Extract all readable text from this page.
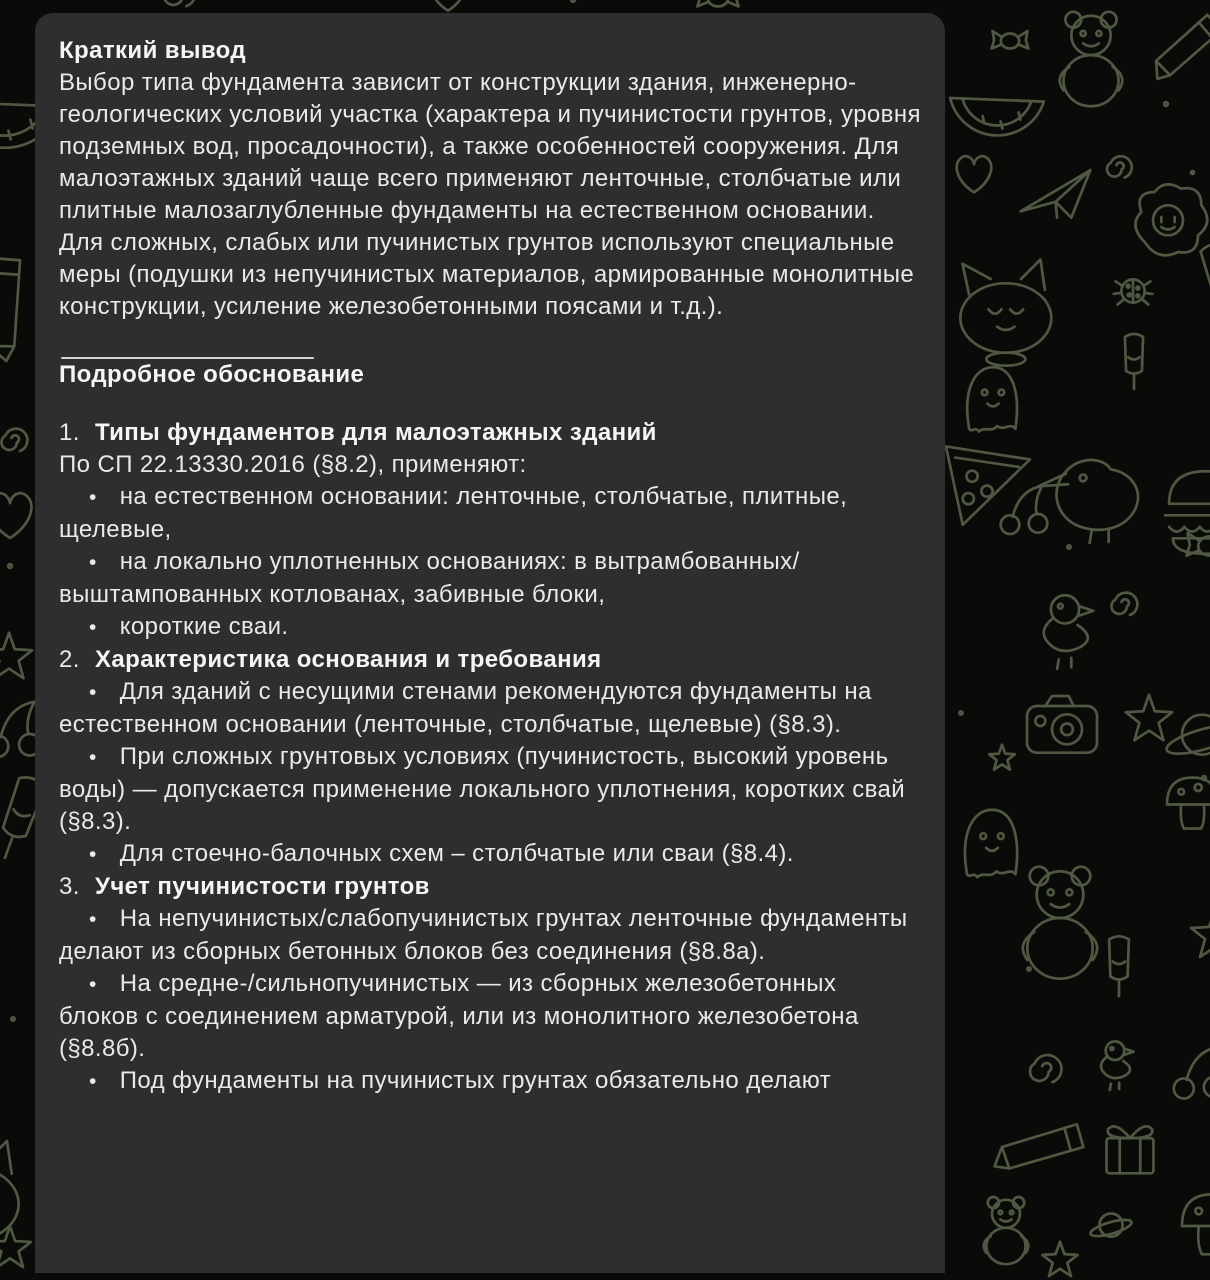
Краткий вывод

Выбор типа фундамента зависит от конструкции здания, инженерно-геологических условий участка (характера и пучинистости грунтов, уровня подземных вод, просадочности), а также особенностей сооружения. Для малоэтажных зданий чаще всего применяют ленточные, столбчатые или плитные малозаглубленные фундаменты на естественном основании. Для сложных, слабых или пучинистых грунтов используют специальные меры (подушки из непучинистых материалов, армированные монолитные конструкции, усиление железобетонными поясами и т.д.).

Подробное обоснование

1. Типы фундаментов для малоэтажных зданий

По СП 22.13330.2016 (§8.2), применяют:

• на естественном основании: ленточные, столбчатые, плитные, щелевые,

• на локально уплотненных основаниях: в вытрамбованных/​выштампованных котлованах, забивные блоки,

• короткие сваи.

2. Характеристика основания и требования

• Для зданий с несущими стенами рекомендуются фундаменты на естественном основании (ленточные, столбчатые, щелевые) (§8.3).

• При сложных грунтовых условиях (пучинистость, высокий уровень воды) — допускается применение локального уплотнения, коротких свай (§8.3).

• Для стоечно-балочных схем – столбчатые или сваи (§8.4).

3. Учет пучинистости грунтов

• На непучинистых/​слабопучинистых грунтах ленточные фундаменты делают из сборных бетонных блоков без соединения (§8.8а).

• На средне-/​сильнопучинистых — из сборных железобетонных блоков с соединением арматурой, или из монолитного железобетона (§8.8б).

• Под фундаменты на пучинистых грунтах обязательно делают
